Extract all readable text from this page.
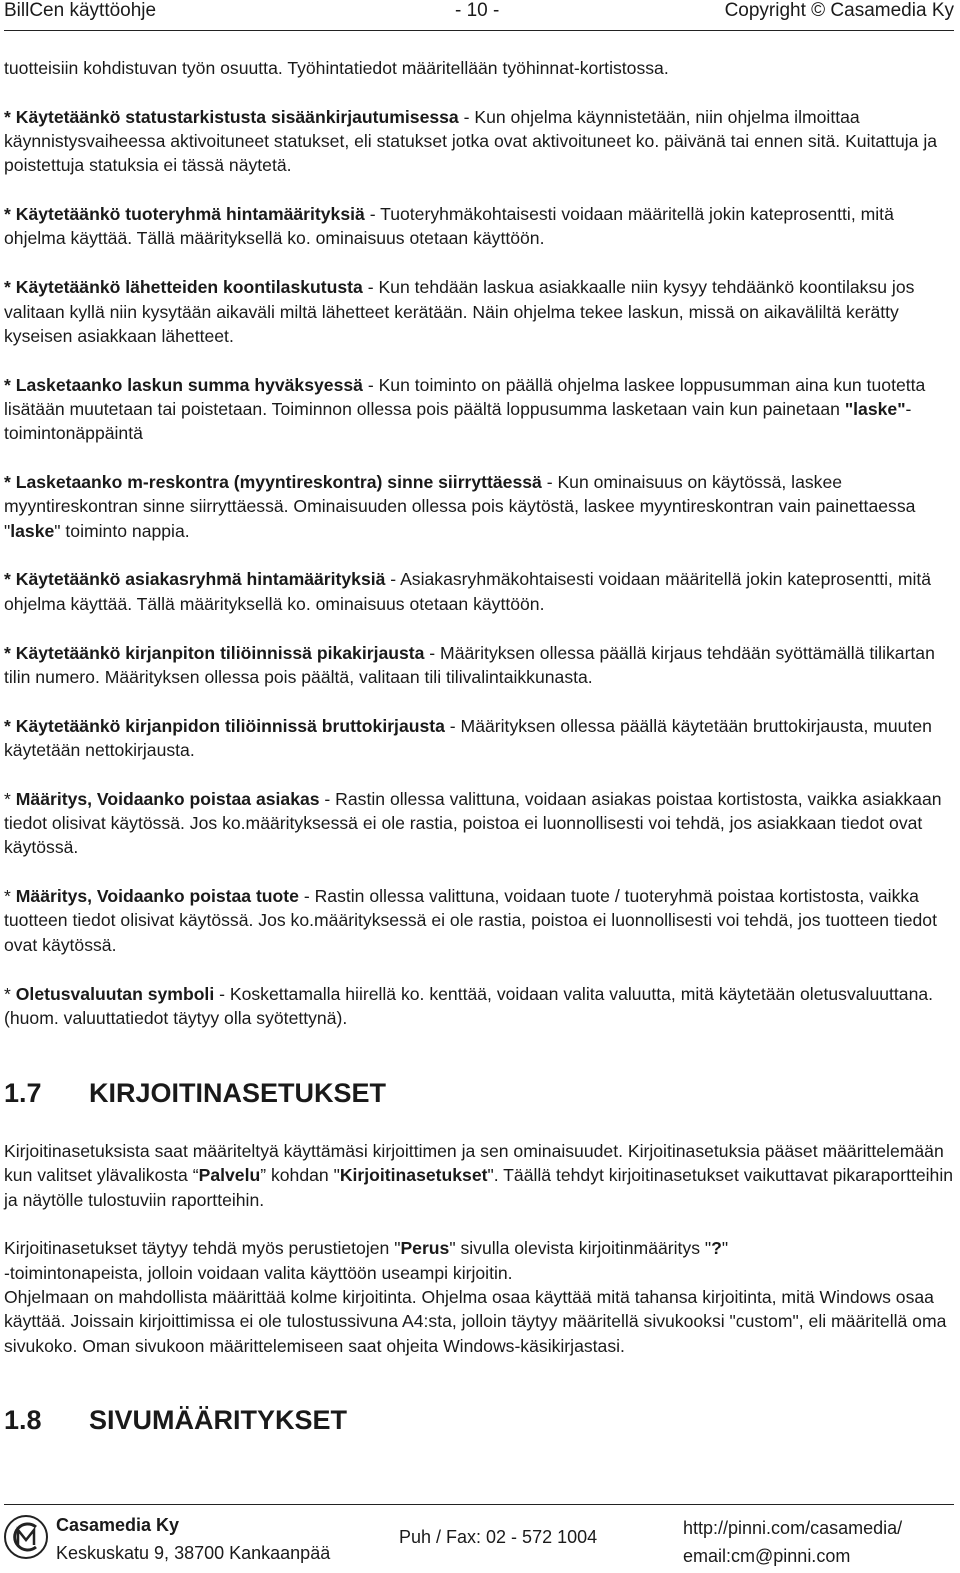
BillCen käyttöohje	- 10 -	Copyright © Casamedia Ky

tuotteisiin kohdistuvan työn osuutta. Työhintatiedot määritellään työhinnat-kortistossa.

* Käytetäänkö statustarkistusta sisäänkirjautumisessa - Kun ohjelma käynnistetään, niin ohjelma ilmoittaa käynnistysvaiheessa aktivoituneet statukset, eli statukset jotka ovat aktivoituneet ko. päivänä tai ennen sitä. Kuitattuja ja poistettuja statuksia ei tässä näytetä.

* Käytetäänkö tuoteryhmä hintamäärityksiä - Tuoteryhmäkohtaisesti voidaan määritellä jokin kateprosentti, mitä ohjelma käyttää. Tällä määrityksellä ko. ominaisuus otetaan käyttöön.

* Käytetäänkö lähetteiden koontilaskutusta - Kun tehdään laskua asiakkaalle niin kysyy tehdäänkö koontilaksu jos valitaan kyllä niin kysytään aikaväli miltä lähetteet kerätään. Näin ohjelma tekee laskun, missä on aikaväliltä kerätty kyseisen asiakkaan lähetteet.

* Lasketaanko laskun summa hyväksyessä - Kun toiminto on päällä ohjelma laskee loppusumman aina kun tuotetta lisätään muutetaan tai poistetaan. Toiminnon ollessa pois päältä loppusumma lasketaan vain kun painetaan "laske"-toimintonäppäintä

* Lasketaanko m-reskontra (myyntireskontra) sinne siirryttäessä - Kun ominaisuus on käytössä, laskee myyntireskontran sinne siirryttäessä. Ominaisuuden ollessa pois käytöstä, laskee myyntireskontran vain painettaessa "laske" toiminto nappia.

* Käytetäänkö asiakasryhmä hintamäärityksiä - Asiakasryhmäkohtaisesti voidaan määritellä jokin kateprosentti, mitä ohjelma käyttää. Tällä määrityksellä ko. ominaisuus otetaan käyttöön.

* Käytetäänkö kirjanpiton tiliöinnissä pikakirjausta - Määrityksen ollessa päällä kirjaus tehdään syöttämällä tilikartan tilin numero. Määrityksen ollessa pois päältä, valitaan tili tilivalintaikkunasta.

* Käytetäänkö kirjanpidon tiliöinnissä bruttokirjausta - Määrityksen ollessa päällä käytetään bruttokirjausta, muuten käytetään nettokirjausta.

* Määritys, Voidaanko poistaa asiakas - Rastin ollessa valittuna, voidaan asiakas poistaa kortistosta, vaikka asiakkaan tiedot olisivat käytössä. Jos ko.määrityksessä ei ole rastia, poistoa ei luonnollisesti voi tehdä, jos asiakkaan tiedot ovat käytössä.

* Määritys, Voidaanko poistaa tuote - Rastin ollessa valittuna, voidaan tuote / tuoteryhmä poistaa kortistosta, vaikka tuotteen tiedot olisivat käytössä. Jos ko.määrityksessä ei ole rastia, poistoa ei luonnollisesti voi tehdä, jos tuotteen tiedot ovat käytössä.

* Oletusvaluutan symboli - Koskettamalla hiirellä ko. kenttää, voidaan valita valuutta, mitä käytetään oletusvaluuttana. (huom. valuuttatiedot täytyy olla syötettynä).

1.7 KIRJOITINASETUKSET

Kirjoitinasetuksista saat määriteltyä käyttämäsi kirjoittimen ja sen ominaisuudet. Kirjoitinasetuksia pääset määrittelemään kun valitset ylävalikosta “Palvelu” kohdan "Kirjoitinasetukset". Täällä tehdyt kirjoitinasetukset vaikuttavat pikaraportteihin ja näytölle tulostuviin raportteihin.

Kirjoitinasetukset täytyy tehdä myös perustietojen "Perus" sivulla olevista kirjoitinmääritys "?"
-toimintonapeista, jolloin voidaan valita käyttöön useampi kirjoitin.
Ohjelmaan on mahdollista määrittää kolme kirjoitinta. Ohjelma osaa käyttää mitä tahansa kirjoitinta, mitä Windows osaa käyttää. Joissain kirjoittimissa ei ole tulostussivuna A4:sta, jolloin täytyy määritellä sivukooksi "custom", eli määritellä oma sivukoko. Oman sivukoon määrittelemiseen saat ohjeita Windows-käsikirjastasi.

1.8 SIVUMÄÄRITYKSET
Casamedia Ky
Keskuskatu 9, 38700 Kankaanpää
Puh / Fax: 02 - 572 1004	http://pinni.com/casamedia/
email:cm@pinni.com
